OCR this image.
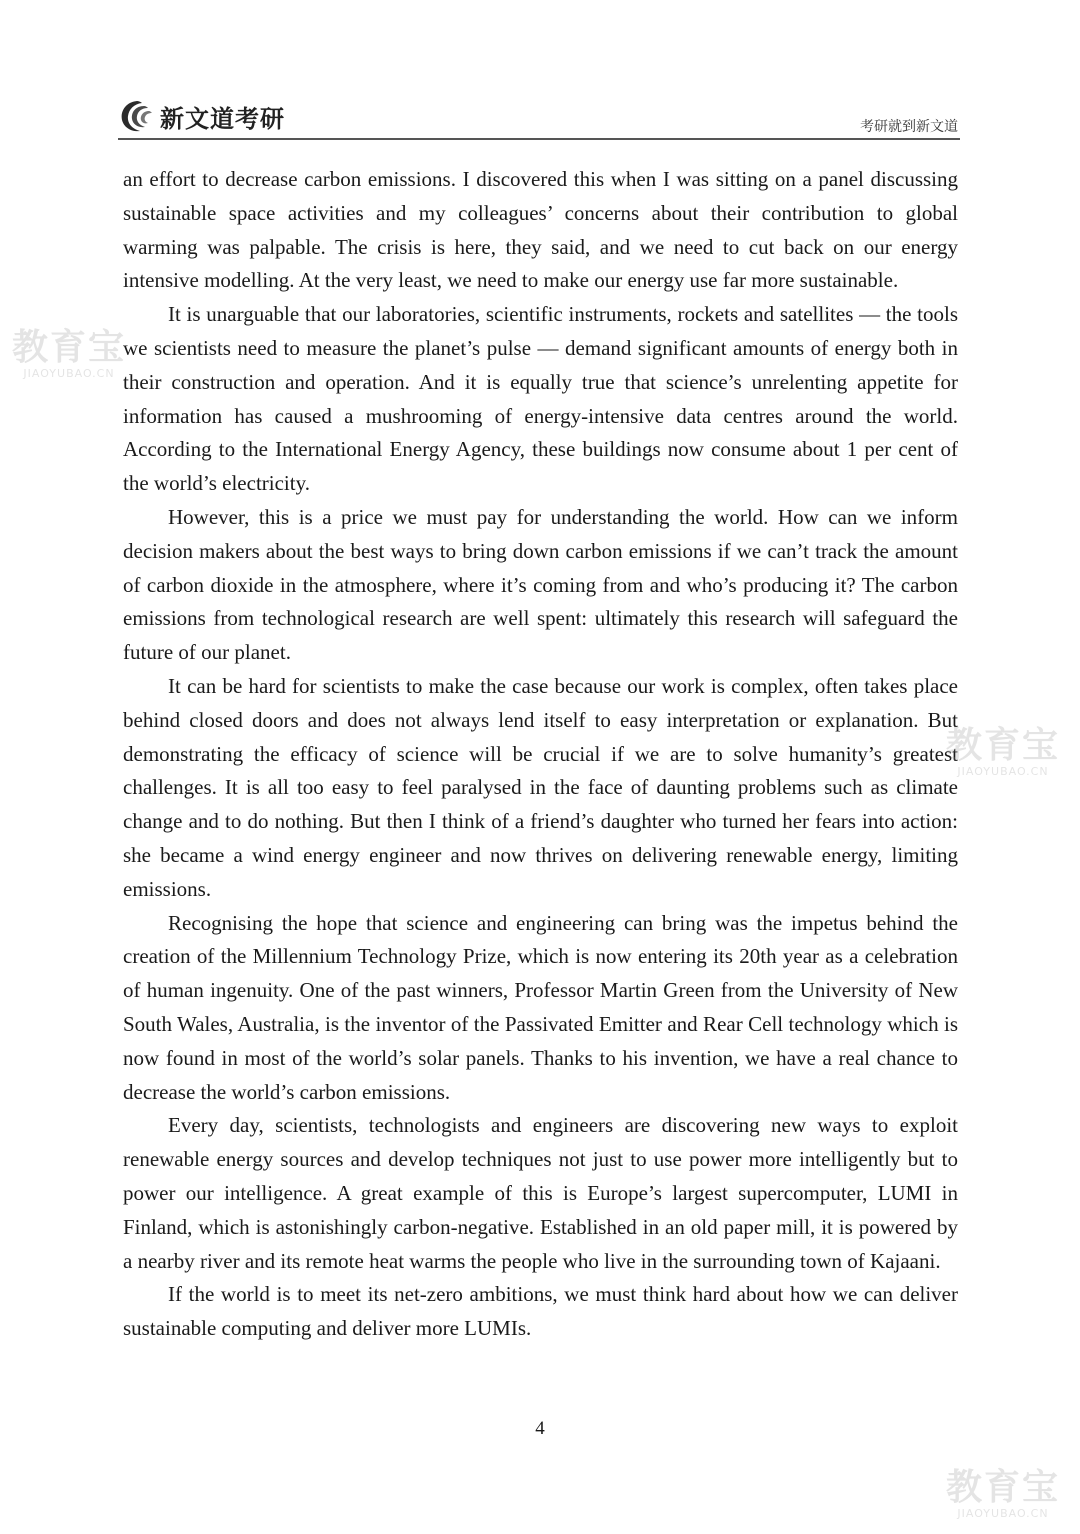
新文道考研	考研就到新文道

an effort to decrease carbon emissions. I discovered this when I was sitting on a panel discussing sustainable space activities and my colleagues’ concerns about their contribution to global warming was palpable. The crisis is here, they said, and we need to cut back on our energy intensive modelling. At the very least, we need to make our energy use far more sustainable.

It is unarguable that our laboratories, scientific instruments, rockets and satellites — the tools we scientists need to measure the planet’s pulse — demand significant amounts of energy both in their construction and operation. And it is equally true that science’s unrelenting appetite for information has caused a mushrooming of energy-intensive data centres around the world. According to the International Energy Agency, these buildings now consume about 1 per cent of the world’s electricity.

However, this is a price we must pay for understanding the world. How can we inform decision makers about the best ways to bring down carbon emissions if we can’t track the amount of carbon dioxide in the atmosphere, where it’s coming from and who’s producing it? The carbon emissions from technological research are well spent: ultimately this research will safeguard the future of our planet.

It can be hard for scientists to make the case because our work is complex, often takes place behind closed doors and does not always lend itself to easy interpretation or explanation. But demonstrating the efficacy of science will be crucial if we are to solve humanity’s greatest challenges. It is all too easy to feel paralysed in the face of daunting problems such as climate change and to do nothing. But then I think of a friend’s daughter who turned her fears into action: she became a wind energy engineer and now thrives on delivering renewable energy, limiting emissions.

Recognising the hope that science and engineering can bring was the impetus behind the creation of the Millennium Technology Prize, which is now entering its 20th year as a celebration of human ingenuity. One of the past winners, Professor Martin Green from the University of New South Wales, Australia, is the inventor of the Passivated Emitter and Rear Cell technology which is now found in most of the world’s solar panels. Thanks to his invention, we have a real chance to decrease the world’s carbon emissions.

Every day, scientists, technologists and engineers are discovering new ways to exploit renewable energy sources and develop techniques not just to use power more intelligently but to power our intelligence. A great example of this is Europe’s largest supercomputer, LUMI in Finland, which is astonishingly carbon-negative. Established in an old paper mill, it is powered by a nearby river and its remote heat warms the people who live in the surrounding town of Kajaani.

If the world is to meet its net-zero ambitions, we must think hard about how we can deliver sustainable computing and deliver more LUMIs.

4
教育宝
JIAOYUBAO.CN
教育宝
JIAOYUBAO.CN
教育宝
JIAOYUBAO.CN
